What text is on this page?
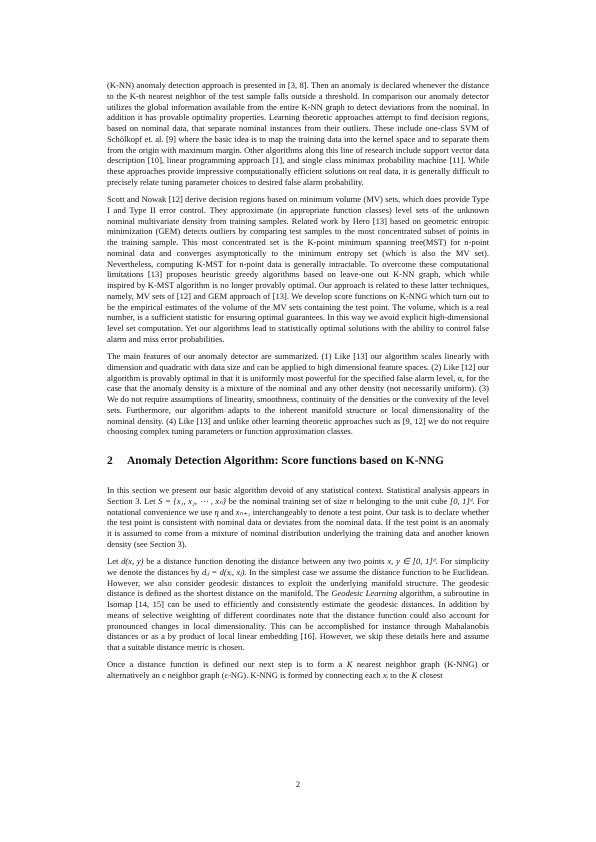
(K-NN) anomaly detection approach is presented in [3, 8]. Then an anomaly is declared whenever the distance to the K-th nearest neighbor of the test sample falls outside a threshold. In comparison our anomaly detector utilizes the global information available from the entire K-NN graph to detect deviations from the nominal. In addition it has provable optimality properties. Learning theoretic approaches attempt to find decision regions, based on nominal data, that separate nominal instances from their outliers. These include one-class SVM of Schölkopf et. al. [9] where the basic idea is to map the training data into the kernel space and to separate them from the origin with maximum margin. Other algorithms along this line of research include support vector data description [10], linear programming approach [1], and single class minimax probability machine [11]. While these approaches provide impressive computationally efficient solutions on real data, it is generally difficult to precisely relate tuning parameter choices to desired false alarm probability.

Scott and Nowak [12] derive decision regions based on minimum volume (MV) sets, which does provide Type I and Type II error control. They approximate (in appropriate function classes) level sets of the unknown nominal multivariate density from training samples. Related work by Hero [13] based on geometric entropic minimization (GEM) detects outliers by comparing test samples to the most concentrated subset of points in the training sample. This most concentrated set is the K-point minimum spanning tree(MST) for n-point nominal data and converges asymptotically to the minimum entropy set (which is also the MV set). Nevertheless, computing K-MST for n-point data is generally intractable. To overcome these computational limitations [13] proposes heuristic greedy algorithms based on leave-one out K-NN graph, which while inspired by K-MST algorithm is no longer provably optimal. Our approach is related to these latter techniques, namely, MV sets of [12] and GEM approach of [13]. We develop score functions on K-NNG which turn out to be the empirical estimates of the volume of the MV sets containing the test point. The volume, which is a real number, is a sufficient statistic for ensuring optimal guarantees. In this way we avoid explicit high-dimensional level set computation. Yet our algorithms lead to statistically optimal solutions with the ability to control false alarm and miss error probabilities.

The main features of our anomaly detector are summarized. (1) Like [13] our algorithm scales linearly with dimension and quadratic with data size and can be applied to high dimensional feature spaces. (2) Like [12] our algorithm is provably optimal in that it is uniformly most powerful for the specified false alarm level, α, for the case that the anomaly density is a mixture of the nominal and any other density (not necessarily uniform). (3) We do not require assumptions of linearity, smoothness, continuity of the densities or the convexity of the level sets. Furthermore, our algorithm adapts to the inherent manifold structure or local dimensionality of the nominal density. (4) Like [13] and unlike other learning theoretic approaches such as [9, 12] we do not require choosing complex tuning parameters or function approximation classes.

2 Anomaly Detection Algorithm: Score functions based on K-NNG

In this section we present our basic algorithm devoid of any statistical context. Statistical analysis appears in Section 3. Let S = {x₁, x₂, ⋯ , xₙ} be the nominal training set of size n belonging to the unit cube [0, 1]ᵈ. For notational convenience we use η and xₙ₊₁ interchangeably to denote a test point. Our task is to declare whether the test point is consistent with nominal data or deviates from the nominal data. If the test point is an anomaly it is assumed to come from a mixture of nominal distribution underlying the training data and another known density (see Section 3).

Let d(x, y) be a distance function denoting the distance between any two points x, y ∈ [0, 1]ᵈ. For simplicity we denote the distances by dᵢⱼ = d(xᵢ, xⱼ). In the simplest case we assume the distance function to be Euclidean. However, we also consider geodesic distances to exploit the underlying manifold structure. The geodesic distance is defined as the shortest distance on the manifold. The Geodesic Learning algorithm, a subroutine in Isomap [14, 15] can be used to efficiently and consistently estimate the geodesic distances. In addition by means of selective weighting of different coordinates note that the distance function could also account for pronounced changes in local dimensionality. This can be accomplished for instance through Mahalanobis distances or as a by product of local linear embedding [16]. However, we skip these details here and assume that a suitable distance metric is chosen.

Once a distance function is defined our next step is to form a K nearest neighbor graph (K-NNG) or alternatively an ϵ neighbor graph (ϵ-NG). K-NNG is formed by connecting each xᵢ to the K closest

2
